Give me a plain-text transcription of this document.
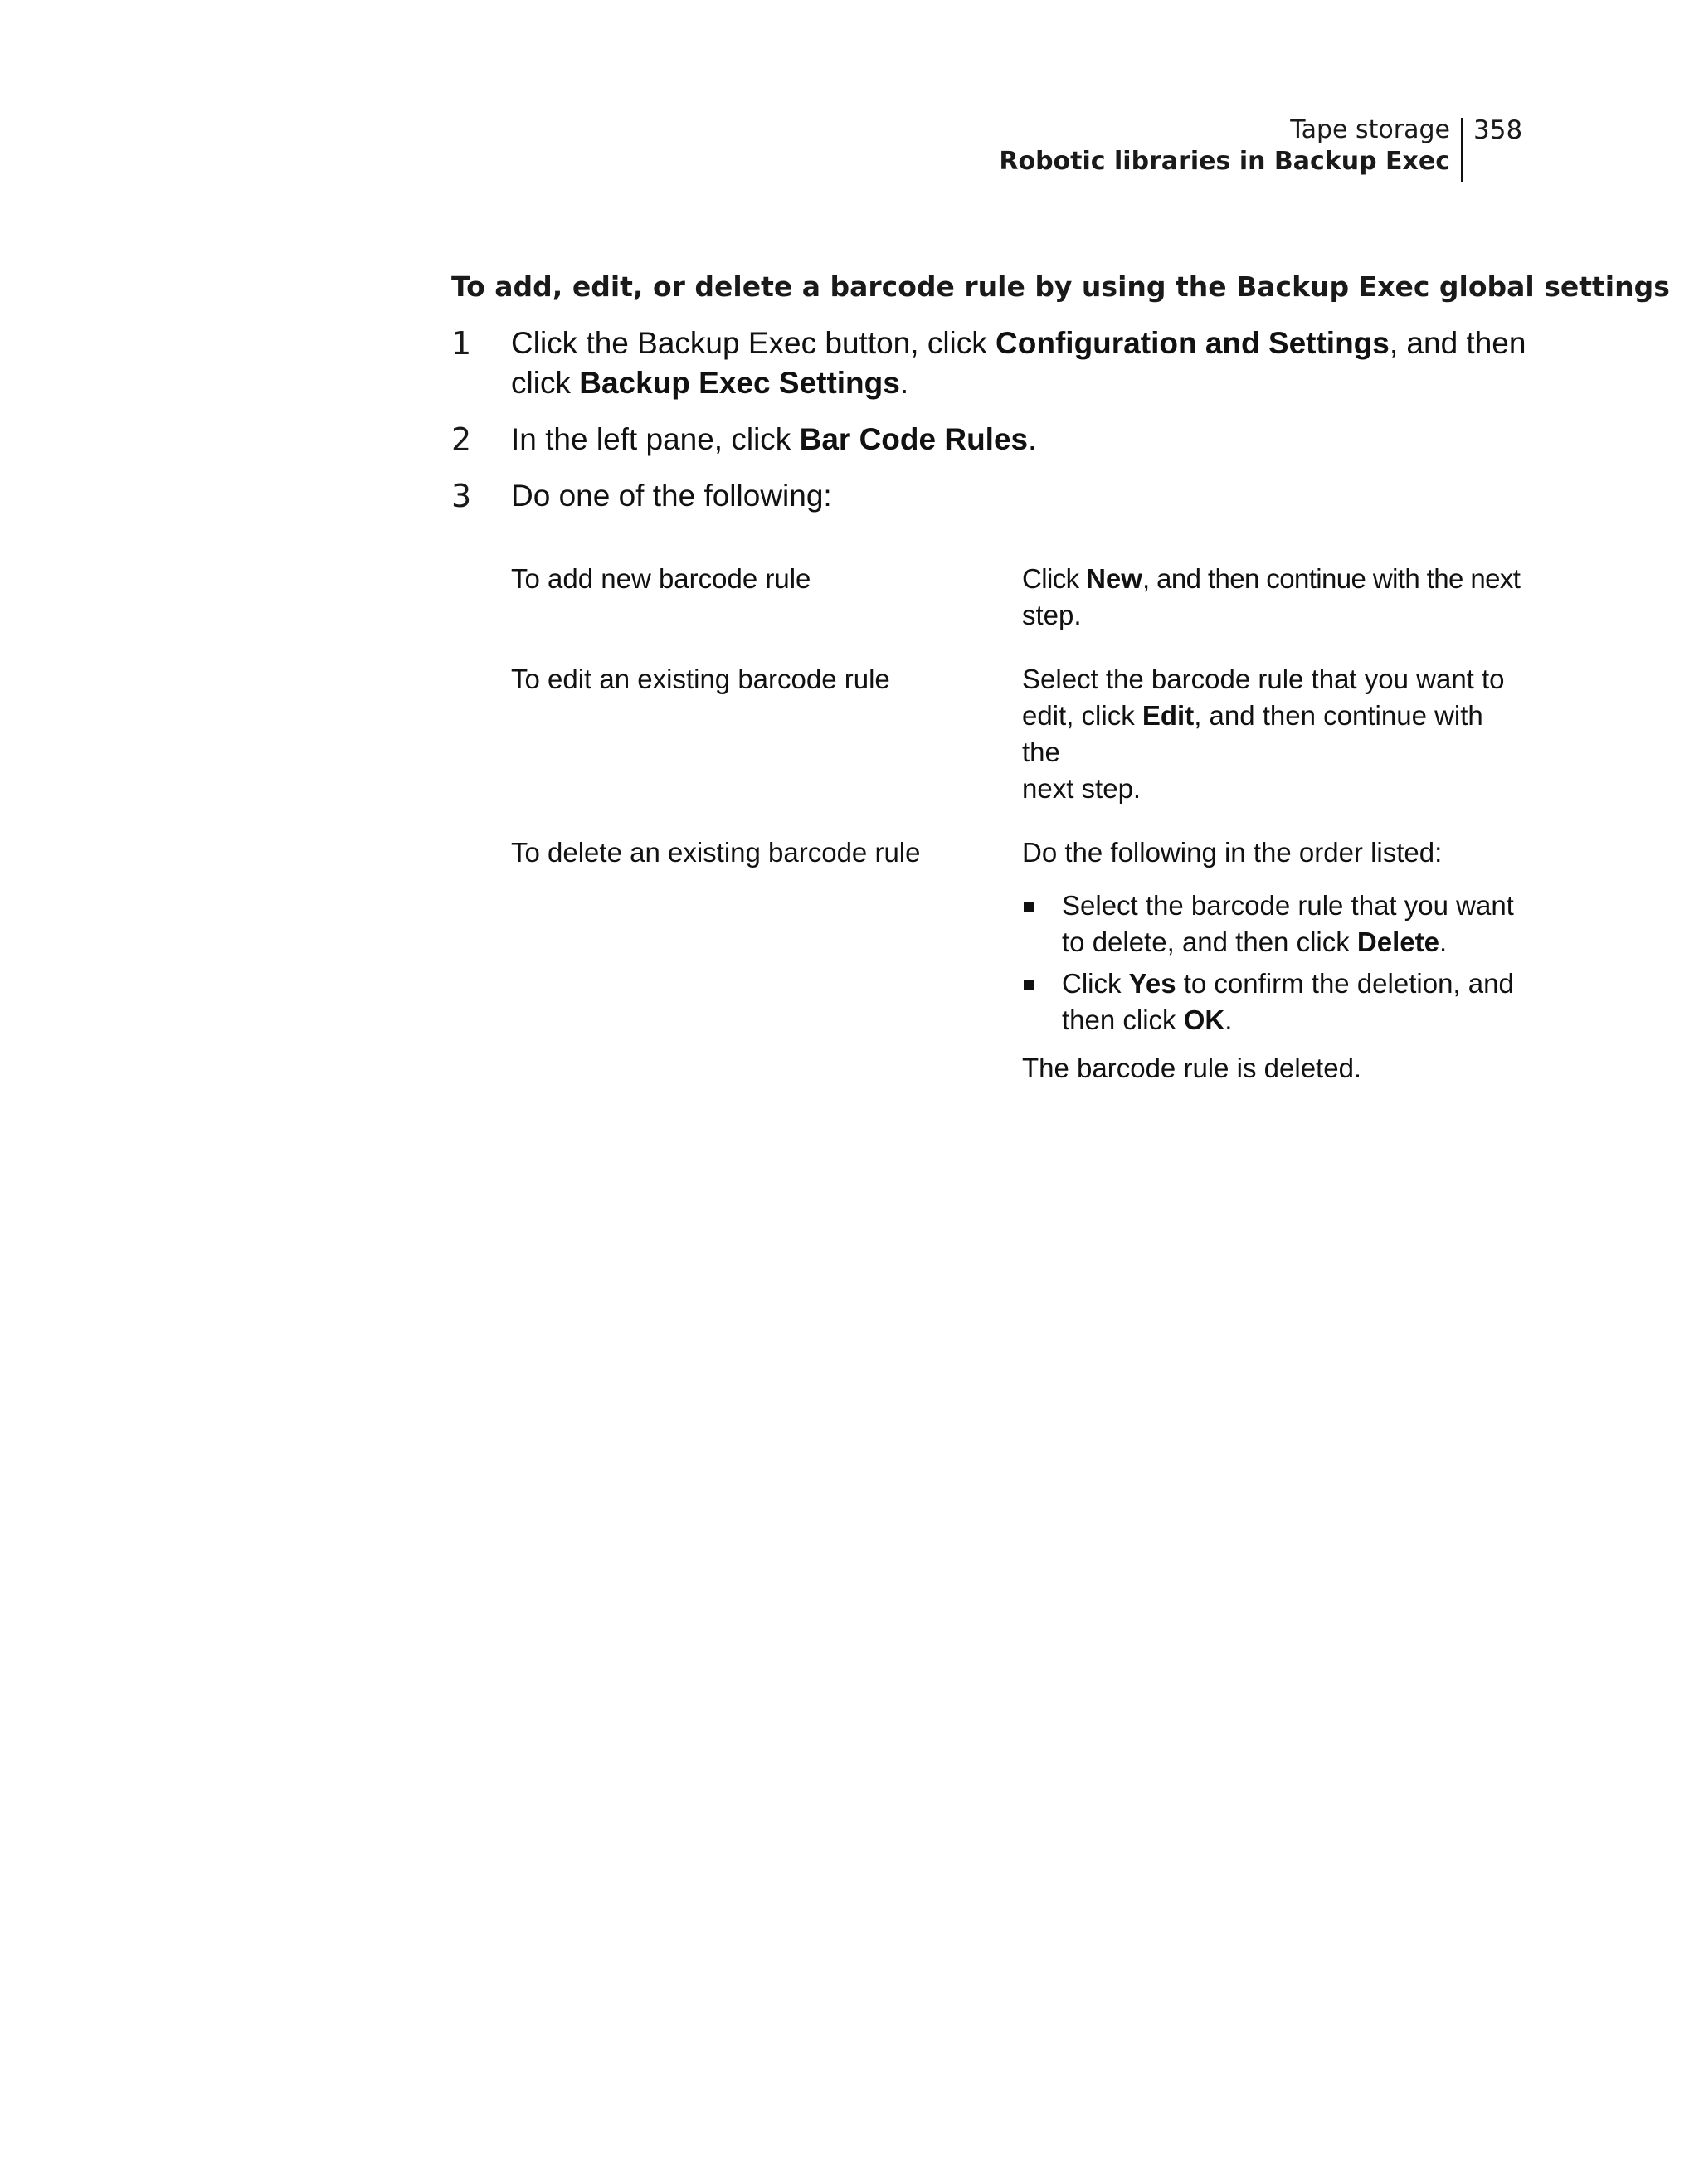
Tape storage
Robotic libraries in Backup Exec
358
To add, edit, or delete a barcode rule by using the Backup Exec global settings
1 Click the Backup Exec button, click Configuration and Settings, and then
click Backup Exec Settings.
2 In the left pane, click Bar Code Rules.
3 Do one of the following:
To add new barcode rule	Click New, and then continue with the next
step.
To edit an existing barcode rule	Select the barcode rule that you want to
edit, click Edit, and then continue with the
next step.
To delete an existing barcode rule	Do the following in the order listed:
Select the barcode rule that you want
to delete, and then click Delete.
Click Yes to confirm the deletion, and
then click OK.
The barcode rule is deleted.
